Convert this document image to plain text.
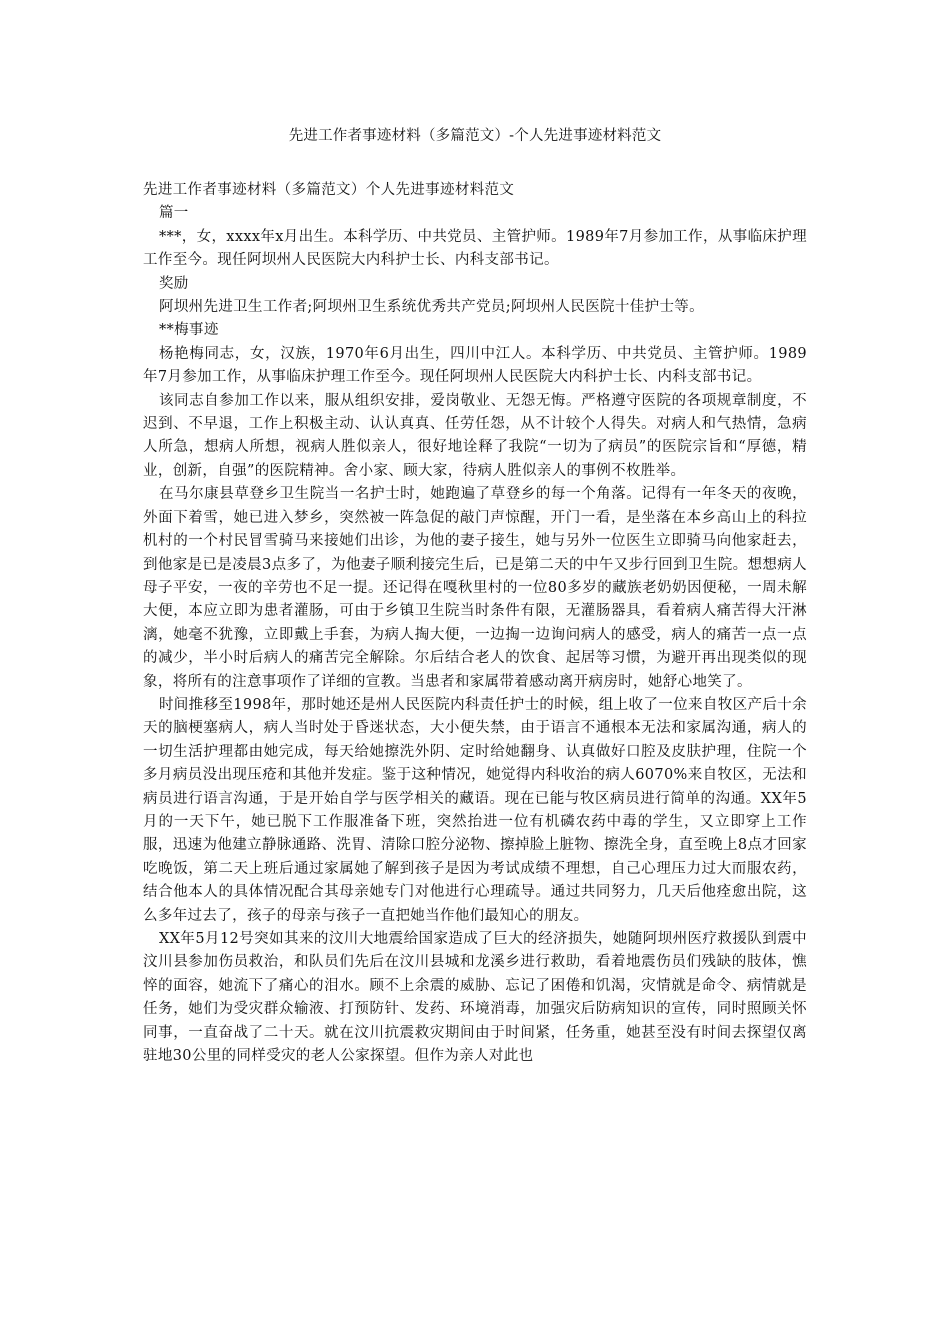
先进工作者事迹材料（多篇范文）-个人先进事迹材料范文

先进工作者事迹材料（多篇范文）个人先进事迹材料范文

篇一

***，女，xxxx年x月出生。本科学历、中共党员、主管护师。1989年7月参加工作，从事临床护理工作至今。现任阿坝州人民医院大内科护士长、内科支部书记。

奖励

阿坝州先进卫生工作者;阿坝州卫生系统优秀共产党员;阿坝州人民医院十佳护士等。

**梅事迹

杨艳梅同志，女，汉族，1970年6月出生，四川中江人。本科学历、中共党员、主管护师。1989年7月参加工作，从事临床护理工作至今。现任阿坝州人民医院大内科护士长、内科支部书记。

该同志自参加工作以来，服从组织安排，爱岗敬业、无怨无悔。严格遵守医院的各项规章制度，不迟到、不早退，工作上积极主动、认认真真、任劳任怨，从不计较个人得失。对病人和气热情，急病人所急，想病人所想，视病人胜似亲人，很好地诠释了我院“一切为了病员”的医院宗旨和“厚德，精业，创新，自强”的医院精神。舍小家、顾大家，待病人胜似亲人的事例不枚胜举。

在马尔康县草登乡卫生院当一名护士时，她跑遍了草登乡的每一个角落。记得有一年冬天的夜晚，外面下着雪，她已进入梦乡，突然被一阵急促的敲门声惊醒，开门一看，是坐落在本乡高山上的科拉机村的一个村民冒雪骑马来接她们出诊，为他的妻子接生，她与另外一位医生立即骑马向他家赶去，到他家是已是凌晨3点多了，为他妻子顺利接完生后，已是第二天的中午又步行回到卫生院。想想病人母子平安，一夜的辛劳也不足一提。还记得在嘎秋里村的一位80多岁的藏族老奶奶因便秘，一周未解大便，本应立即为患者灌肠，可由于乡镇卫生院当时条件有限，无灌肠器具，看着病人痛苦得大汗淋漓，她毫不犹豫，立即戴上手套，为病人掏大便，一边掏一边询问病人的感受，病人的痛苦一点一点的减少，半小时后病人的痛苦完全解除。尔后结合老人的饮食、起居等习惯，为避开再出现类似的现象，将所有的注意事项作了详细的宣教。当患者和家属带着感动离开病房时，她舒心地笑了。

时间推移至1998年，那时她还是州人民医院内科责任护士的时候，组上收了一位来自牧区产后十余天的脑梗塞病人，病人当时处于昏迷状态，大小便失禁，由于语言不通根本无法和家属沟通，病人的一切生活护理都由她完成，每天给她擦洗外阴、定时给她翻身、认真做好口腔及皮肤护理，住院一个多月病员没出现压疮和其他并发症。鉴于这种情况，她觉得内科收治的病人6070%来自牧区，无法和病员进行语言沟通，于是开始自学与医学相关的藏语。现在已能与牧区病员进行简单的沟通。XX年5月的一天下午，她已脱下工作服准备下班，突然抬进一位有机磷农药中毒的学生，又立即穿上工作服，迅速为他建立静脉通路、洗胃、清除口腔分泌物、擦掉脸上脏物、擦洗全身，直至晚上8点才回家吃晚饭，第二天上班后通过家属她了解到孩子是因为考试成绩不理想，自己心理压力过大而服农药，结合他本人的具体情况配合其母亲她专门对他进行心理疏导。通过共同努力，几天后他痊愈出院，这么多年过去了，孩子的母亲与孩子一直把她当作他们最知心的朋友。

XX年5月12号突如其来的汶川大地震给国家造成了巨大的经济损失，她随阿坝州医疗救援队到震中汶川县参加伤员救治，和队员们先后在汶川县城和龙溪乡进行救助，看着地震伤员们残缺的肢体，憔悴的面容，她流下了痛心的泪水。顾不上余震的威胁、忘记了困倦和饥渴，灾情就是命令、病情就是任务，她们为受灾群众输液、打预防针、发药、环境消毒，加强灾后防病知识的宣传，同时照顾关怀同事，一直奋战了二十天。就在汶川抗震救灾期间由于时间紧，任务重，她甚至没有时间去探望仅离驻地30公里的同样受灾的老人公家探望。但作为亲人对此也
